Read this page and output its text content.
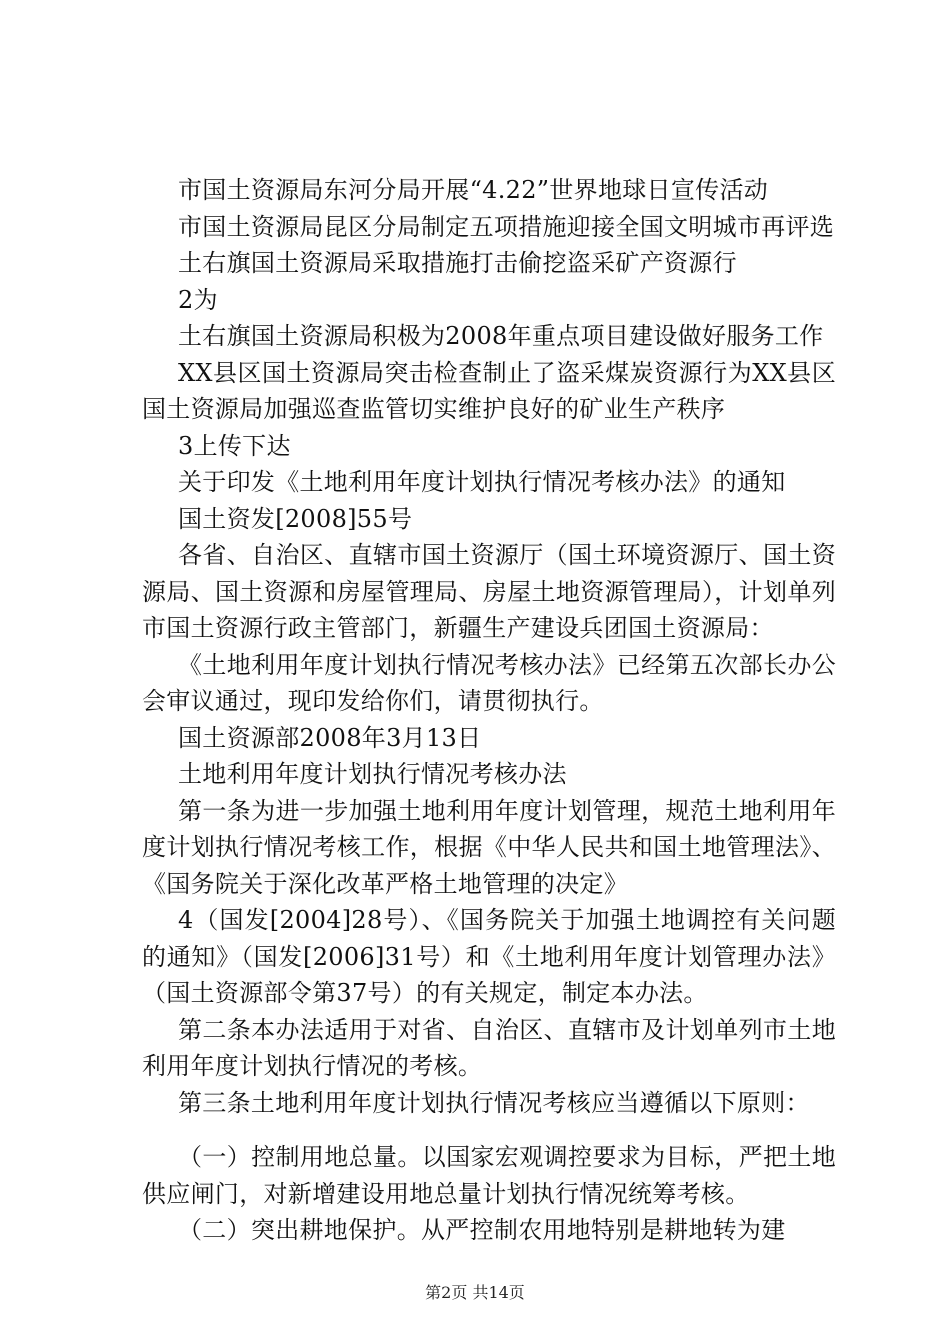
市国土资源局东河分局开展“4.22”世界地球日宣传活动

市国土资源局昆区分局制定五项措施迎接全国文明城市再评选

土右旗国土资源局采取措施打击偷挖盗采矿产资源行

2为

土右旗国土资源局积极为2008年重点项目建设做好服务工作

XX县区国土资源局突击检查制止了盗采煤炭资源行为XX县区国土资源局加强巡查监管切实维护良好的矿业生产秩序

3上传下达

关于印发《土地利用年度计划执行情况考核办法》的通知

国土资发[2008]55号

各省、自治区、直辖市国土资源厅（国土环境资源厅、国土资源局、国土资源和房屋管理局、房屋土地资源管理局），计划单列市国土资源行政主管部门，新疆生产建设兵团国土资源局：

《土地利用年度计划执行情况考核办法》已经第五次部长办公会审议通过，现印发给你们，请贯彻执行。

国土资源部2008年3月13日

土地利用年度计划执行情况考核办法

第一条为进一步加强土地利用年度计划管理，规范土地利用年度计划执行情况考核工作，根据《中华人民共和国土地管理法》、《国务院关于深化改革严格土地管理的决定》

4（国发[2004]28号）、《国务院关于加强土地调控有关问题的通知》（国发[2006]31号）和《土地利用年度计划管理办法》（国土资源部令第37号）的有关规定，制定本办法。

第二条本办法适用于对省、自治区、直辖市及计划单列市土地利用年度计划执行情况的考核。

第三条土地利用年度计划执行情况考核应当遵循以下原则：

（一）控制用地总量。以国家宏观调控要求为目标，严把土地供应闸门，对新增建设用地总量计划执行情况统筹考核。

（二）突出耕地保护。从严控制农用地特别是耕地转为建

第2页 共14页
